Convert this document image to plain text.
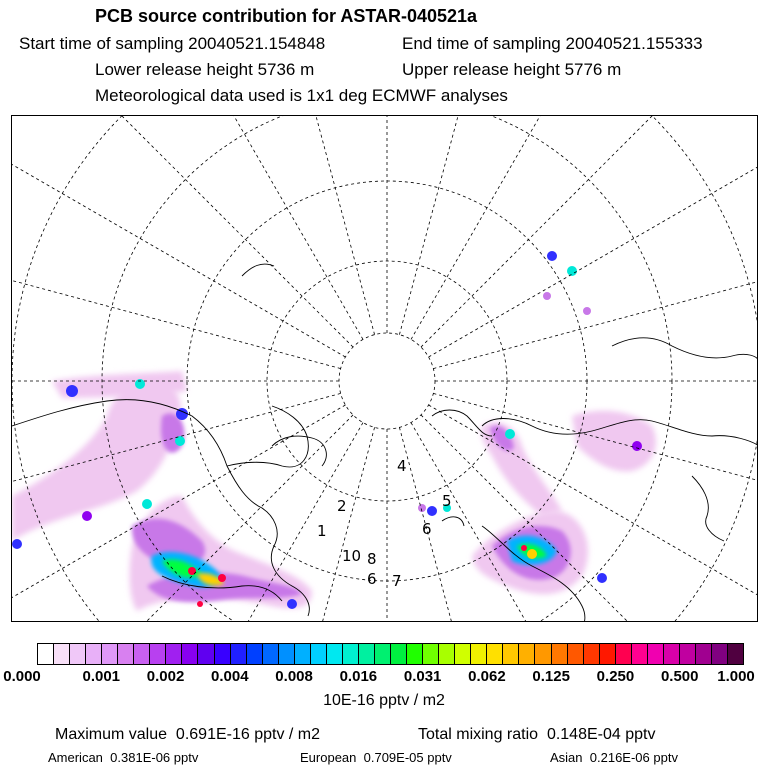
PCB source contribution for ASTAR-040521a
Start time of sampling 20040521.154848	End time of sampling 20040521.155333
Lower release height 5736 m	Upper release height 5776 m
Meteorological data used is 1x1 deg ECMWF analyses
1
2
4
6
5
8
7
6
10
0.000	0.001 0.002 0.004 0.008 0.016 0.031 0.062 0.125 0.250 0.500 1.000
10E-16 pptv / m2
Maximum value 0.691E-16 pptv / m2	Total mixing ratio 0.148E-04 pptv
American 0.381E-06 pptv	European 0.709E-05 pptv	Asian 0.216E-06 pptv
